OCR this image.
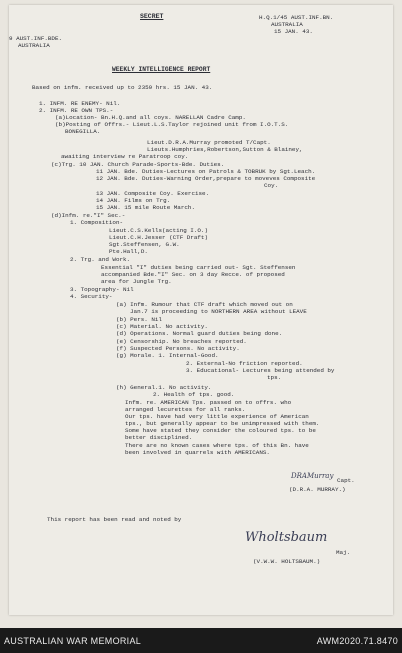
SECRET	H.Q.1/45 AUST.INF.BN.
AUSTRALIA
15 JAN. 43.
9 AUST.INF.BDE.
AUSTRALIA
WEEKLY INTELLIGENCE REPORT
Based on infm. received up to 2359 hrs. 15 JAN. 43.
1. INFM. RE ENEMY- Nil.
2. INFM. RE OWN TPS.-
(a)Location- Bn.H.Q.and all coys. NARELLAN Cadre Camp.
(b)Posting of Offrs.- Lieut.L.S.Taylor rejoined unit from I.O.T.S.
BONEGILLA.
Lieut.D.R.A.Murray promoted T/Capt.
Lieuts.Humphries,Robertson,Sutton & Blainey,
awaiting interview re Paratroop coy.
(c)Trg. 10 JAN. Church Parade-Sports-Bde. Duties.
11 JAN. Bde. Duties-Lectures on Patrols & TOBRUK by Sgt.Leach.
12 JAN. Bde. Duties-Warning Order,prepare to moveves Composite
Coy.
13 JAN. Composite Coy. Exercise.
14 JAN. Films on Trg.
15 JAN. 15 mile Route March.
(d)Infm. re."I" Sec.-
1. Composition-
Lieut.C.S.Kells(acting I.O.)
Lieut.C.H.Jesser (CTF Draft)
Sgt.Steffensen, G.W.
Pte.Hall,D.
2. Trg. and Work.
Essential "I" duties being carried out- Sgt. Steffensen
accompanied Bde."I" Sec. on 3 day Recce. of proposed
area for Jungle Trg.
3. Topography- Nil
4. Security-
(a) Infm. Rumour that CTF draft which moved out on
Jan.7 is proceeding to NORTHERN AREA without LEAVE
(b) Pers. Nil
(c) Material. No activity.
(d) Operations. Normal guard duties being done.
(e) Censorship. No breaches reported.
(f) Suspected Persons. No activity.
(g) Morale. 1. Internal-Good.
2. External-No friction reported.
3. Educational- Lectures being attended by
tps.
(h) General.1. No activity.
2. Health of tps. good.
Infm. re. AMERICAN Tps. passed on to offrs. who
arranged lecurettes for all ranks.
Our tps. have had very little experience of American
tps., but generally appear to be unimpressed with them.
Some have stated they consider the coloured tps. to be
better disciplined.
There are no known cases where tps. of this Bn. have
been involved in quarrels with AMERICANS.
DRAMurray
Capt.
(D.R.A. MURRAY.)
This report has been read and noted by
Wholtsbaum
Maj.
(V.W.W. HOLTSBAUM.)
AUSTRALIAN WAR MEMORIAL	AWM2020.71.8470
